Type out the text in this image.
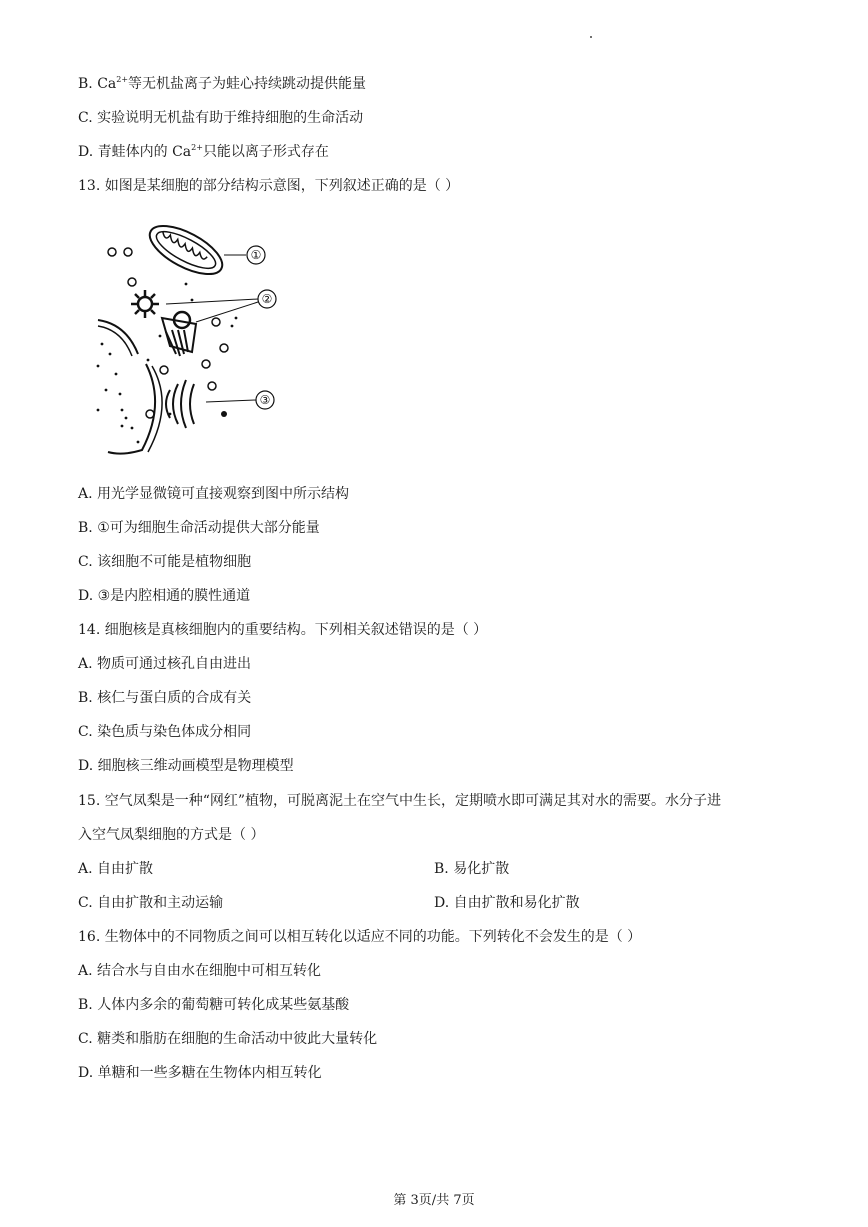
B. $Ca^{2+}$等无机盐离子为蛙心持续跳动提供能量
C. 实验说明无机盐有助于维持细胞的生命活动
D. 青蛙体内的 $Ca^{2+}$只能以离子形式存在
13. 如图是某细胞的部分结构示意图，下列叙述正确的是（ ）
①
②
③
A. 用光学显微镜可直接观察到图中所示结构
B. ①可为细胞生命活动提供大部分能量
C. 该细胞不可能是植物细胞
D. ③是内腔相通的膜性通道
14. 细胞核是真核细胞内的重要结构。下列相关叙述错误的是（ ）
A. 物质可通过核孔自由进出
B. 核仁与蛋白质的合成有关
C. 染色质与染色体成分相同
D. 细胞核三维动画模型是物理模型
15. 空气凤梨是一种“网红”植物，可脱离泥土在空气中生长，定期喷水即可满足其对水的需要。水分子进
入空气凤梨细胞的方式是（ ）
A. 自由扩散	B. 易化扩散
C. 自由扩散和主动运输	D. 自由扩散和易化扩散
16. 生物体中的不同物质之间可以相互转化以适应不同的功能。下列转化不会发生的是（ ）
A. 结合水与自由水在细胞中可相互转化
B. 人体内多余的葡萄糖可转化成某些氨基酸
C. 糖类和脂肪在细胞的生命活动中彼此大量转化
D. 单糖和一些多糖在生物体内相互转化
第 3页/共 7页
